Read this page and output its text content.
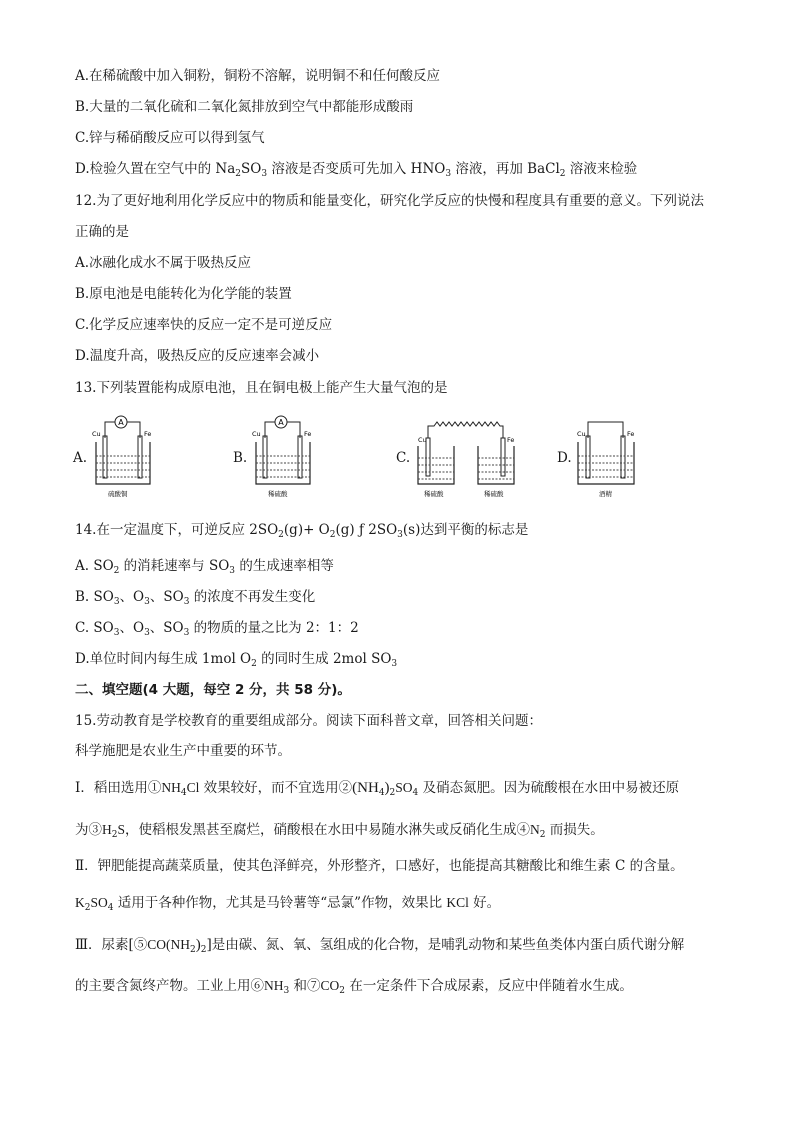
A.在稀硫酸中加入铜粉，铜粉不溶解，说明铜不和任何酸反应
B.大量的二氧化硫和二氧化氮排放到空气中都能形成酸雨
C.锌与稀硝酸反应可以得到氢气
D.检验久置在空气中的 $Na_2SO_3$ 溶液是否变质可先加入 $HNO_3$ 溶液，再加 BaCl$_2$ 溶液来检验
12.为了更好地利用化学反应中的物质和能量变化，研究化学反应的快慢和程度具有重要的意义。下列说法
正确的是
A.冰融化成水不属于吸热反应
B.原电池是电能转化为化学能的装置
C.化学反应速率快的反应一定不是可逆反应
D.温度升高，吸热反应的反应速率会减小
13.下列装置能构成原电池，且在铜电极上能产生大量气泡的是
A.	B.	C.	D.
A
Cu	Fe
硫酸铜
A
Cu	Fe
稀硫酸
Cu	Fe
稀硫酸	稀硫酸
Cu	Fe
酒精
14.在一定温度下，可逆反应 $2SO_2(g)+ O_2(g)$ ƒ $2SO_3(s)$达到平衡的标志是
A. $SO_2$ 的消耗速率与 $SO_3$ 的生成速率相等
B. $SO_3$、$O_3$、$SO_3$ 的浓度不再发生变化
C. $SO_3$、$O_3$、$SO_3$ 的物质的量之比为 2：1：2
D.单位时间内每生成 1mol $O_2$ 的同时生成 2mol $SO_3$
二、填空题(4 大题，每空 2 分，共 58 分)。
15.劳动教育是学校教育的重要组成部分。阅读下面科普文章，回答相关问题：
科学施肥是农业生产中重要的环节。
Ⅰ．稻田选用$①NH_4Cl$ 效果较好，而不宜选用$②(NH_4)_2SO_4$ 及硝态氮肥。因为硫酸根在水田中易被还原
为$③H_2S$，使稻根发黑甚至腐烂，硝酸根在水田中易随水淋失或反硝化生成$④N_2$ 而损失。
Ⅱ．钾肥能提高蔬菜质量，使其色泽鲜亮，外形整齐，口感好，也能提高其糖酸比和维生素 C 的含量。
$K_2SO_4$ 适用于各种作物，尤其是马铃薯等“忌氯”作物，效果比 KCl 好。
Ⅲ．尿素$[⑤CO(NH_2)_2]$是由碳、氮、氧、氢组成的化合物，是哺乳动物和某些鱼类体内蛋白质代谢分解
的主要含氮终产物。工业上用$⑥NH_3$ 和$⑦CO_2$ 在一定条件下合成尿素，反应中伴随着水生成。
